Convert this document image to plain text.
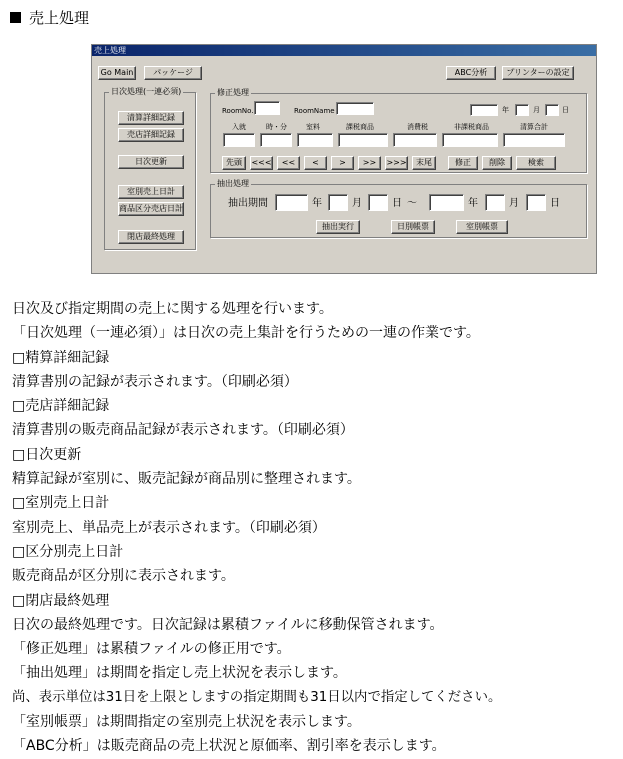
売上処理
売上処理
Go Main	パッケージ	ABC分析	プリンターの設定
日次処理(一連必須)
清算詳細記録
売店詳細記録
日次更新
室別売上日計
商品区分売店日計
閉店最終処理
修正処理
RoomNo.	RoomName	年	月	日
入就	時・分	室料	課税商品	消費税	非課税商品	清算合計
先頭	<<<	<<	<	>	>>	>>>	末尾	修正	削除	検索
抽出処理
抽出期間	年	月	日 ～	年	月	日
抽出実行	日別帳票	室別帳票
日次及び指定期間の売上に関する処理を行います。
「日次処理（一連必須）」は日次の売上集計を行うための一連の作業です。
□精算詳細記録
清算書別の記録が表示されます。（印刷必須）
□売店詳細記録
清算書別の販売商品記録が表示されます。（印刷必須）
□日次更新
精算記録が室別に、販売記録が商品別に整理されます。
□室別売上日計
室別売上、単品売上が表示されます。（印刷必須）
□区分別売上日計
販売商品が区分別に表示されます。
□閉店最終処理
日次の最終処理です。日次記録は累積ファイルに移動保管されます。
「修正処理」は累積ファイルの修正用です。
「抽出処理」は期間を指定し売上状況を表示します。
尚、表示単位は31日を上限としますの指定期間も31日以内で指定してください。
「室別帳票」は期間指定の室別売上状況を表示します。
「ABC分析」は販売商品の売上状況と原価率、割引率を表示します。
